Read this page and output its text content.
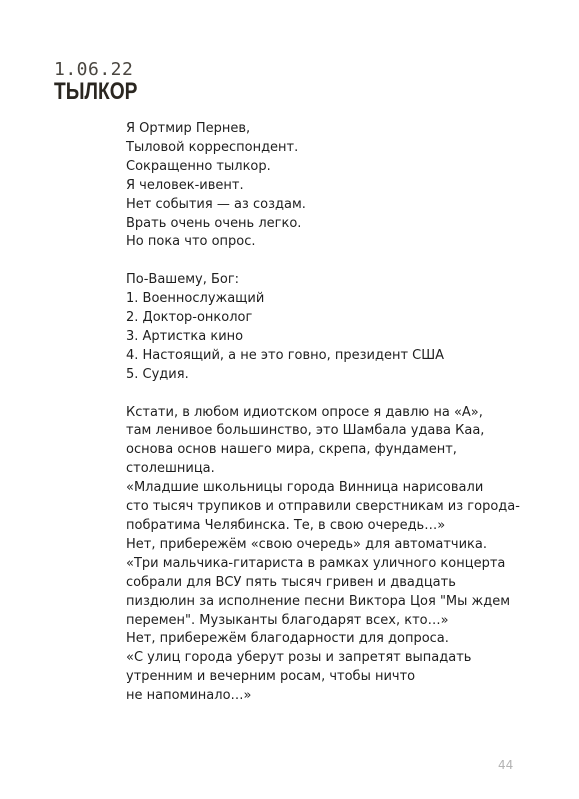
1.06.22
ТЫЛКОР
Я Ортмир Пернев,
Тыловой корреспондент.
Сокращенно тылкор.
Я человек-ивент.
Нет события — аз создам.
Врать очень очень легко.
Но пока что опрос.
По-Вашему, Бог:
1. Военнослужащий
2. Доктор-онколог
3. Артистка кино
4. Настоящий, а не это говно, президент США
5. Судия.
Кстати, в любом идиотском опросе я давлю на «А»,
там ленивое большинство, это Шамбала удава Каа,
основа основ нашего мира, скрепа, фундамент,
столешница.
«Младшие школьницы города Винница нарисовали
сто тысяч трупиков и отправили сверстникам из города-
побратима Челябинска. Те, в свою очередь…»
Нет, прибережём «свою очередь» для автоматчика.
«Три мальчика-гитариста в рамках уличного концерта
собрали для ВСУ пять тысяч гривен и двадцать
пиздюлин за исполнение песни Виктора Цоя "Мы ждем
перемен". Музыканты благодарят всех, кто…»
Нет, прибережём благодарности для допроса.
«С улиц города уберут розы и запретят выпадать
утренним и вечерним росам, чтобы ничто
не напоминало…»
44
